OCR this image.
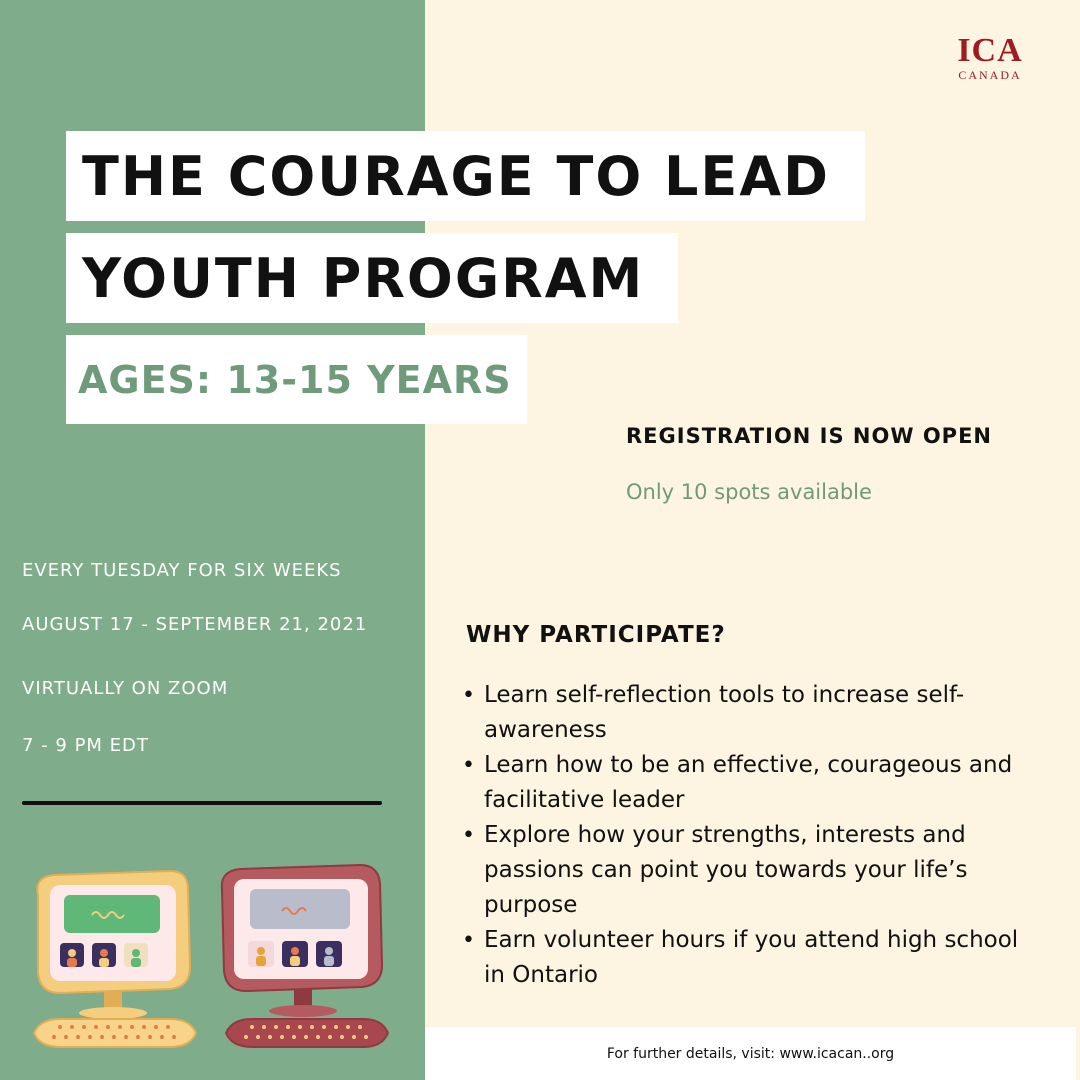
ICA
CANADA
THE COURAGE TO LEAD
YOUTH PROGRAM
AGES: 13-15 YEARS
REGISTRATION IS NOW OPEN
Only 10 spots available
EVERY TUESDAY FOR SIX WEEKS
AUGUST 17 - SEPTEMBER 21, 2021
VIRTUALLY ON ZOOM
7 - 9 PM EDT
WHY PARTICIPATE?
• Learn self-reflection tools to increase self-awareness
• Learn how to be an effective, courageous and facilitative leader
• Explore how your strengths, interests and passions can point you towards your life’s purpose
• Earn volunteer hours if you attend high school in Ontario
For further details, visit: www.icacan..org
